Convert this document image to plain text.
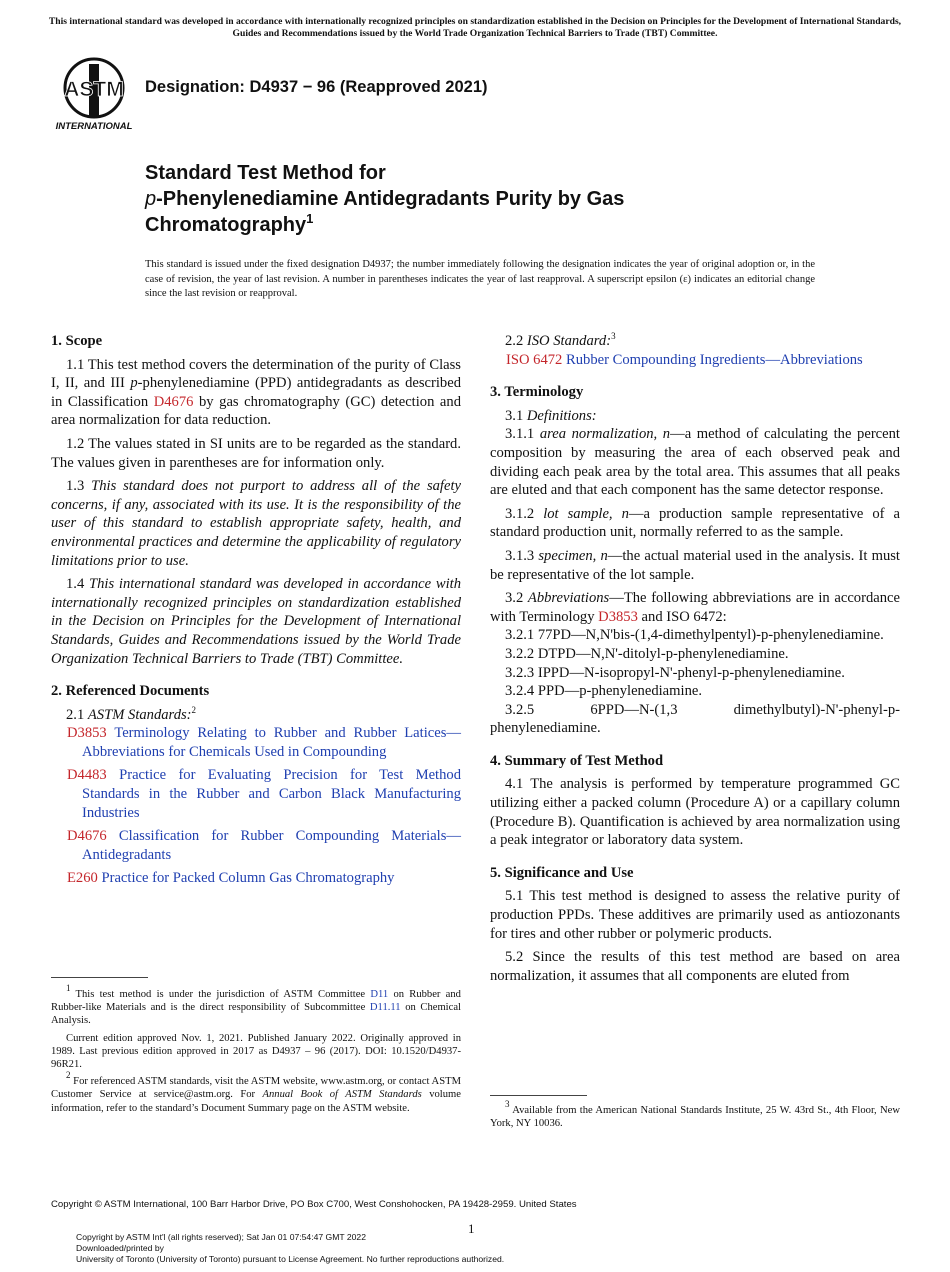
This international standard was developed in accordance with internationally recognized principles on standardization established in the Decision on Principles for the Development of International Standards, Guides and Recommendations issued by the World Trade Organization Technical Barriers to Trade (TBT) Committee.
ASTM
INTERNATIONAL
Designation: D4937 − 96 (Reapproved 2021)
Standard Test Method for
p-Phenylenediamine Antidegradants Purity by Gas
Chromatography$^1$
This standard is issued under the fixed designation D4937; the number immediately following the designation indicates the year of original adoption or, in the case of revision, the year of last revision. A number in parentheses indicates the year of last reapproval. A superscript epsilon (ε) indicates an editorial change since the last revision or reapproval.
1. Scope

1.1 This test method covers the determination of the purity of Class I, II, and III p-phenylenediamine (PPD) antidegradants as described in Classification D4676 by gas chromatography (GC) detection and area normalization for data reduction.

1.2 The values stated in SI units are to be regarded as the standard. The values given in parentheses are for information only.

1.3 This standard does not purport to address all of the safety concerns, if any, associated with its use. It is the responsibility of the user of this standard to establish appropriate safety, health, and environmental practices and determine the applicability of regulatory limitations prior to use.

1.4 This international standard was developed in accordance with internationally recognized principles on standardization established in the Decision on Principles for the Development of International Standards, Guides and Recommendations issued by the World Trade Organization Technical Barriers to Trade (TBT) Committee.

2. Referenced Documents

2.1 ASTM Standards:$^2$

D3853 Terminology Relating to Rubber and Rubber Latices—Abbreviations for Chemicals Used in Compounding

D4483 Practice for Evaluating Precision for Test Method Standards in the Rubber and Carbon Black Manufacturing Industries

D4676 Classification for Rubber Compounding Materials—Antidegradants

E260 Practice for Packed Column Gas Chromatography

$^1$ This test method is under the jurisdiction of ASTM Committee D11 on Rubber and Rubber-like Materials and is the direct responsibility of Subcommittee D11.11 on Chemical Analysis.

Current edition approved Nov. 1, 2021. Published January 2022. Originally approved in 1989. Last previous edition approved in 2017 as D4937 – 96 (2017). DOI: 10.1520/D4937-96R21.

$^2$ For referenced ASTM standards, visit the ASTM website, www.astm.org, or contact ASTM Customer Service at service@astm.org. For Annual Book of ASTM Standards volume information, refer to the standard’s Document Summary page on the ASTM website.

2.2 ISO Standard:$^3$

ISO 6472 Rubber Compounding Ingredients—Abbreviations

3. Terminology

3.1 Definitions:

3.1.1 area normalization, n—a method of calculating the percent composition by measuring the area of each observed peak and dividing each peak area by the total area. This assumes that all peaks are eluted and that each component has the same detector response.

3.1.2 lot sample, n—a production sample representative of a standard production unit, normally referred to as the sample.

3.1.3 specimen, n—the actual material used in the analysis. It must be representative of the lot sample.

3.2 Abbreviations—The following abbreviations are in accordance with Terminology D3853 and ISO 6472:

3.2.1 77PD—N,N'bis-(1,4-dimethylpentyl)-p-phenylenediamine.

3.2.2 DTPD—N,N'-ditolyl-p-phenylenediamine.

3.2.3 IPPD—N-isopropyl-N'-phenyl-p-phenylenediamine.

3.2.4 PPD—p-phenylenediamine.

3.2.5 6PPD—N-(1,3 dimethylbutyl)-N'-phenyl-p-phenylenediamine.

4. Summary of Test Method

4.1 The analysis is performed by temperature programmed GC utilizing either a packed column (Procedure A) or a capillary column (Procedure B). Quantification is achieved by area normalization using a peak integrator or laboratory data system.

5. Significance and Use

5.1 This test method is designed to assess the relative purity of production PPDs. These additives are primarily used as antiozonants for tires and other rubber or polymeric products.

5.2 Since the results of this test method are based on area normalization, it assumes that all components are eluted from

$^3$ Available from the American National Standards Institute, 25 W. 43rd St., 4th Floor, New York, NY 10036.

Copyright © ASTM International, 100 Barr Harbor Drive, PO Box C700, West Conshohocken, PA 19428-2959. United States
1
Copyright by ASTM Int'l (all rights reserved); Sat Jan 01 07:54:47 GMT 2022
Downloaded/printed by
University of Toronto (University of Toronto) pursuant to License Agreement. No further reproductions authorized.
